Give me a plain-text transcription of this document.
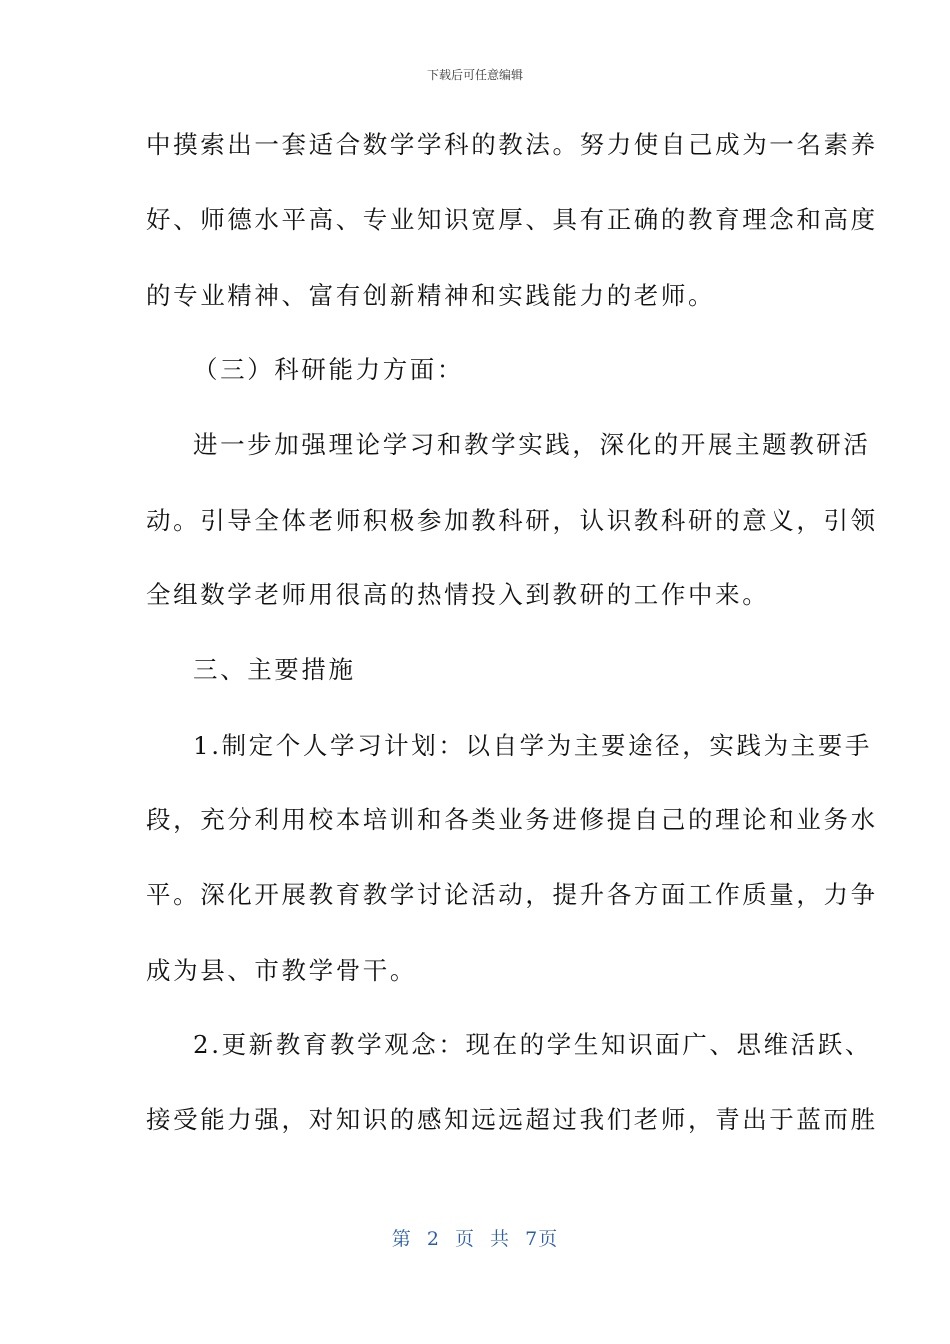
下载后可任意编辑
中摸索出一套适合数学学科的教法。努力使自己成为一名素养
好、师德水平高、专业知识宽厚、具有正确的教育理念和高度
的专业精神、富有创新精神和实践能力的老师。
（三）科研能力方面：
进一步加强理论学习和教学实践，深化的开展主题教研活
动。引导全体老师积极参加教科研，认识教科研的意义，引领
全组数学老师用很高的热情投入到教研的工作中来。
三、主要措施
1.制定个人学习计划：以自学为主要途径，实践为主要手
段，充分利用校本培训和各类业务进修提自己的理论和业务水
平。深化开展教育教学讨论活动，提升各方面工作质量，力争
成为县、市教学骨干。
2.更新教育教学观念：现在的学生知识面广、思维活跃、
接受能力强，对知识的感知远远超过我们老师，青出于蓝而胜
第 2 页 共 7页
